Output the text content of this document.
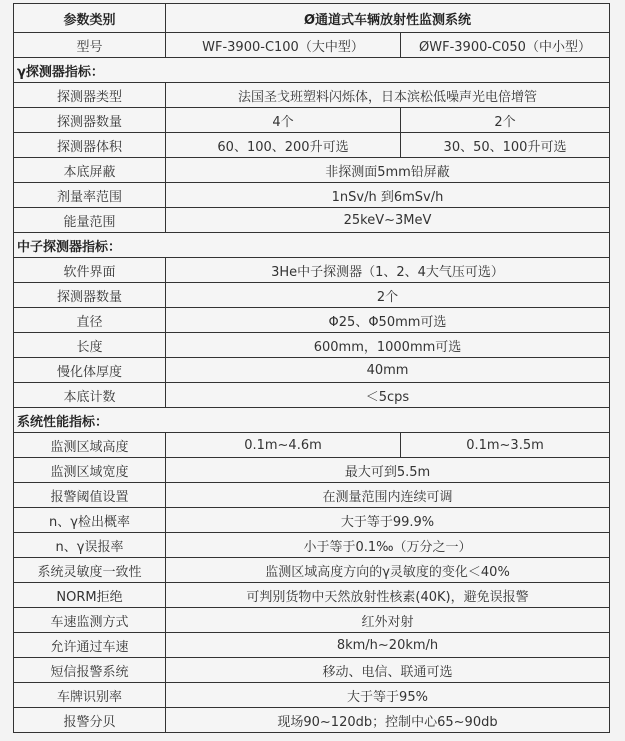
参数类别	Ø通道式车辆放射性监测系统	
型号	WF-3900-C100（大中型）	ØWF-3900-C050（中小型）
γ探测器指标：		
探测器类型	法国圣戈班塑料闪烁体，日本滨松低噪声光电倍增管	
探测器数量	4个	2个
探测器体积	60、100、200升可选	30、50、100升可选
本底屏蔽	非探测面5mm铅屏蔽	
剂量率范围	1nSv/h 到6mSv/h	
能量范围	25keV~3MeV	
中子探测器指标：		
软件界面	3He中子探测器（1、2、4大气压可选）	
探测器数量	2个	
直径	Φ25、Φ50mm可选	
长度	600mm，1000mm可选	
慢化体厚度	40mm	
本底计数	＜5cps	
系统性能指标：		
监测区域高度	0.1m~4.6m	0.1m~3.5m
监测区域宽度	最大可到5.5m	
报警阈值设置	在测量范围内连续可调	
n、γ检出概率	大于等于99.9%	
n、γ误报率	小于等于0.1‰（万分之一）	
系统灵敏度一致性	监测区域高度方向的γ灵敏度的变化＜40%	
NORM拒绝	可判别货物中天然放射性核素(40K)，避免误报警	
车速监测方式	红外对射	
允许通过车速	8km/h~20km/h	
短信报警系统	移动、电信、联通可选	
车牌识别率	大于等于95%	
报警分贝	现场90~120db；控制中心65~90db	
